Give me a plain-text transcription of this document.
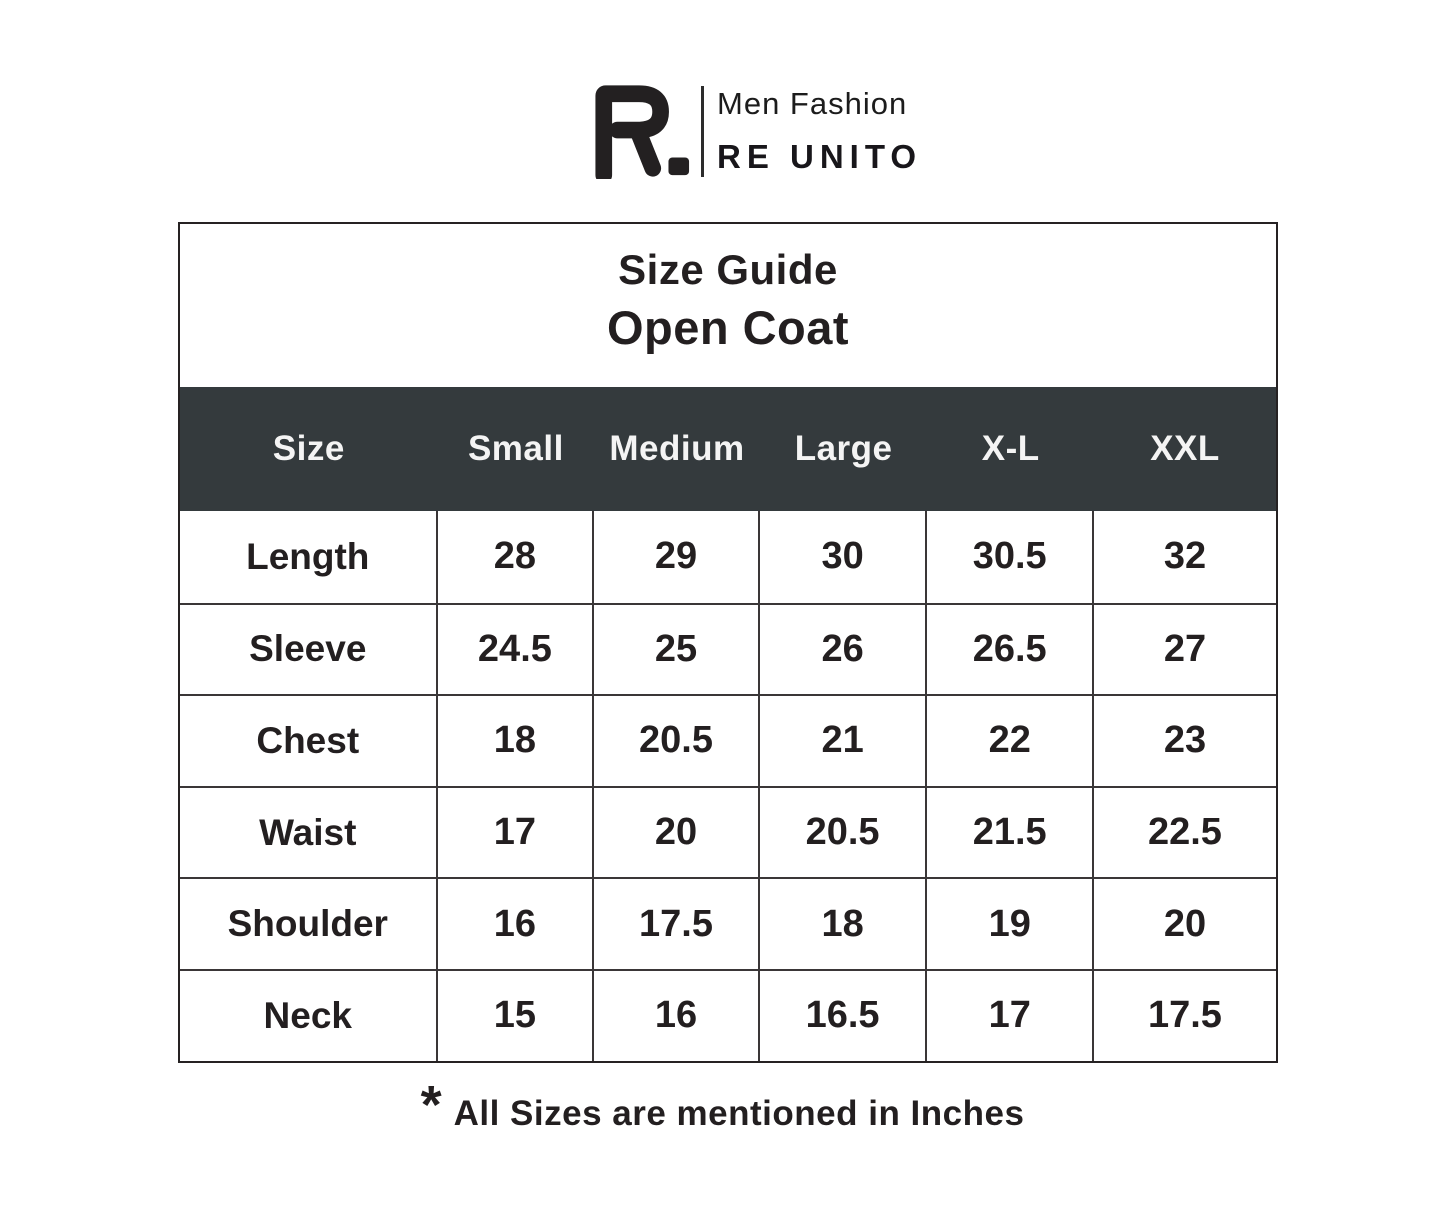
Men Fashion
RE UNITO
Size Guide
Open Coat
Size	Small	Medium	Large	X-L	XXL
Length	28	29	30	30.5	32
Sleeve	24.5	25	26	26.5	27
Chest	18	20.5	21	22	23
Waist	17	20	20.5	21.5	22.5
Shoulder	16	17.5	18	19	20
Neck	15	16	16.5	17	17.5
* All Sizes are mentioned in Inches
